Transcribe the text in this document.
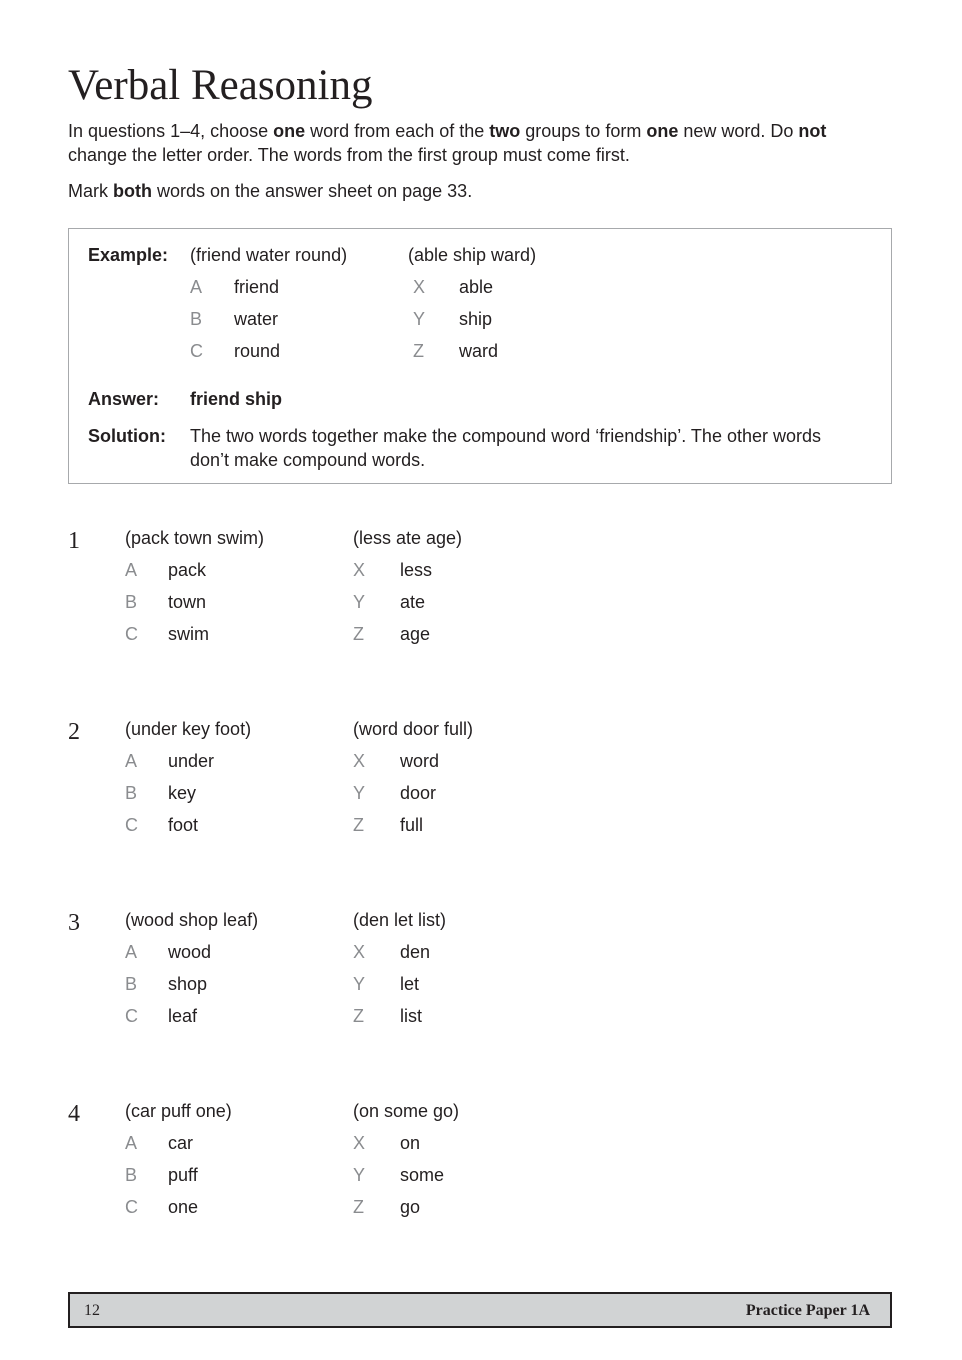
Verbal Reasoning

In questions 1–4, choose one word from each of the two groups to form one new word. Do not change the letter order. The words from the first group must come first.

Mark both words on the answer sheet on page 33.

Example: (friend water round)	(able ship ward)
A friend	X able
B water	Y ship
C round	Z ward
Answer: friend ship
Solution: The two words together make the compound word ‘friendship’. The other words don’t make compound words.
1	(pack town swim)	(less ate age)
A pack	X less
B town	Y ate
C swim	Z age
2	(under key foot)	(word door full)
A under	X word
B key	Y door
C foot	Z full
3	(wood shop leaf)	(den let list)
A wood	X den
B shop	Y let
C leaf	Z list
4	(car puff one)	(on some go)
A car	X on
B puff	Y some
C one	Z go
12	Practice Paper 1A
